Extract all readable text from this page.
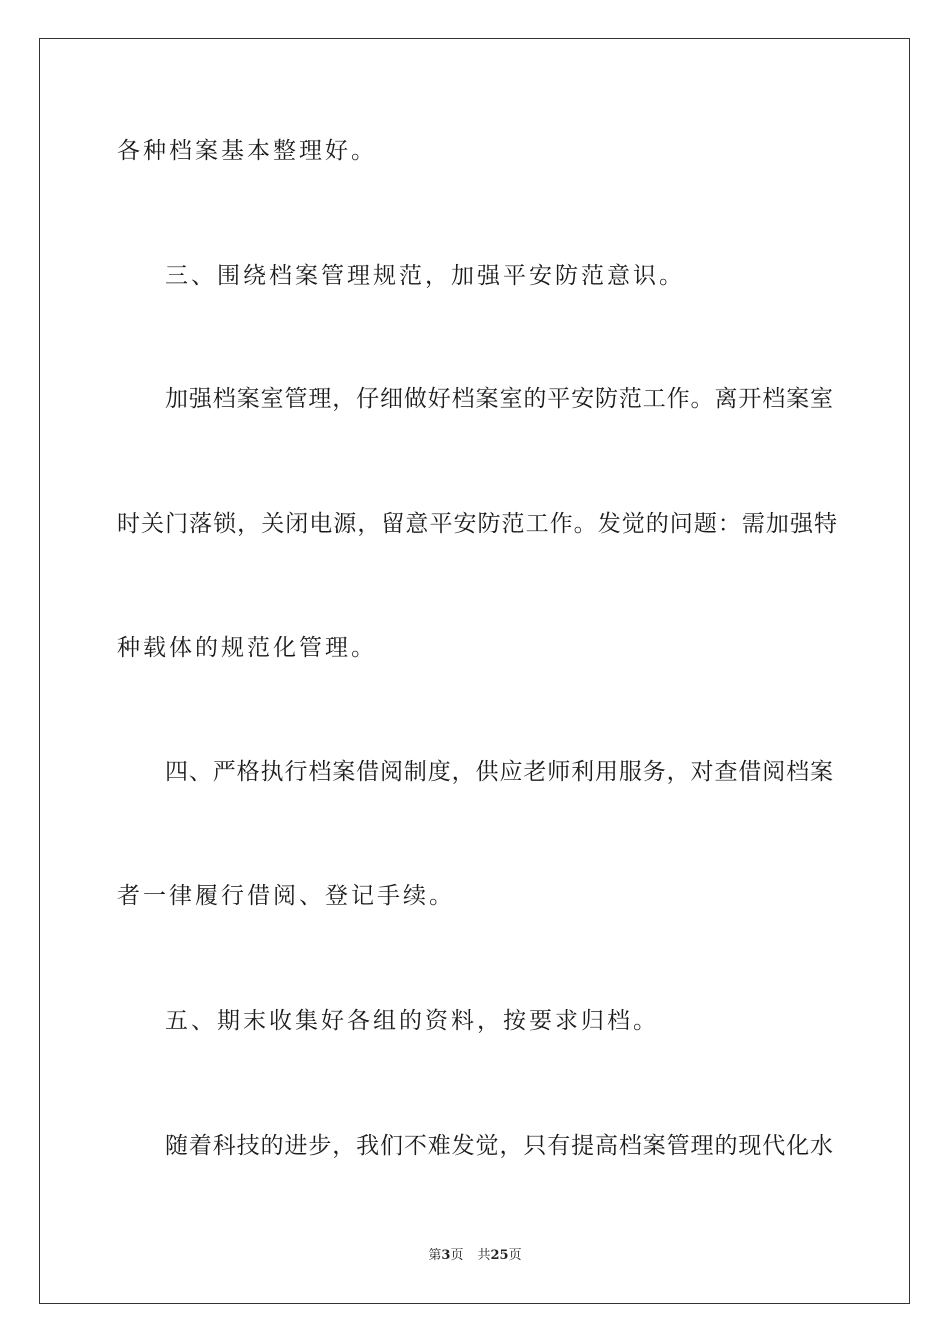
各种档案基本整理好。
三、围绕档案管理规范，加强平安防范意识。
加强档案室管理，仔细做好档案室的平安防范工作。离开档案室
时关门落锁，关闭电源，留意平安防范工作。发觉的问题：需加强特
种载体的规范化管理。
四、严格执行档案借阅制度，供应老师利用服务，对查借阅档案
者一律履行借阅、登记手续。
五、期末收集好各组的资料，按要求归档。
随着科技的进步，我们不难发觉，只有提高档案管理的现代化水
第3页 共25页
